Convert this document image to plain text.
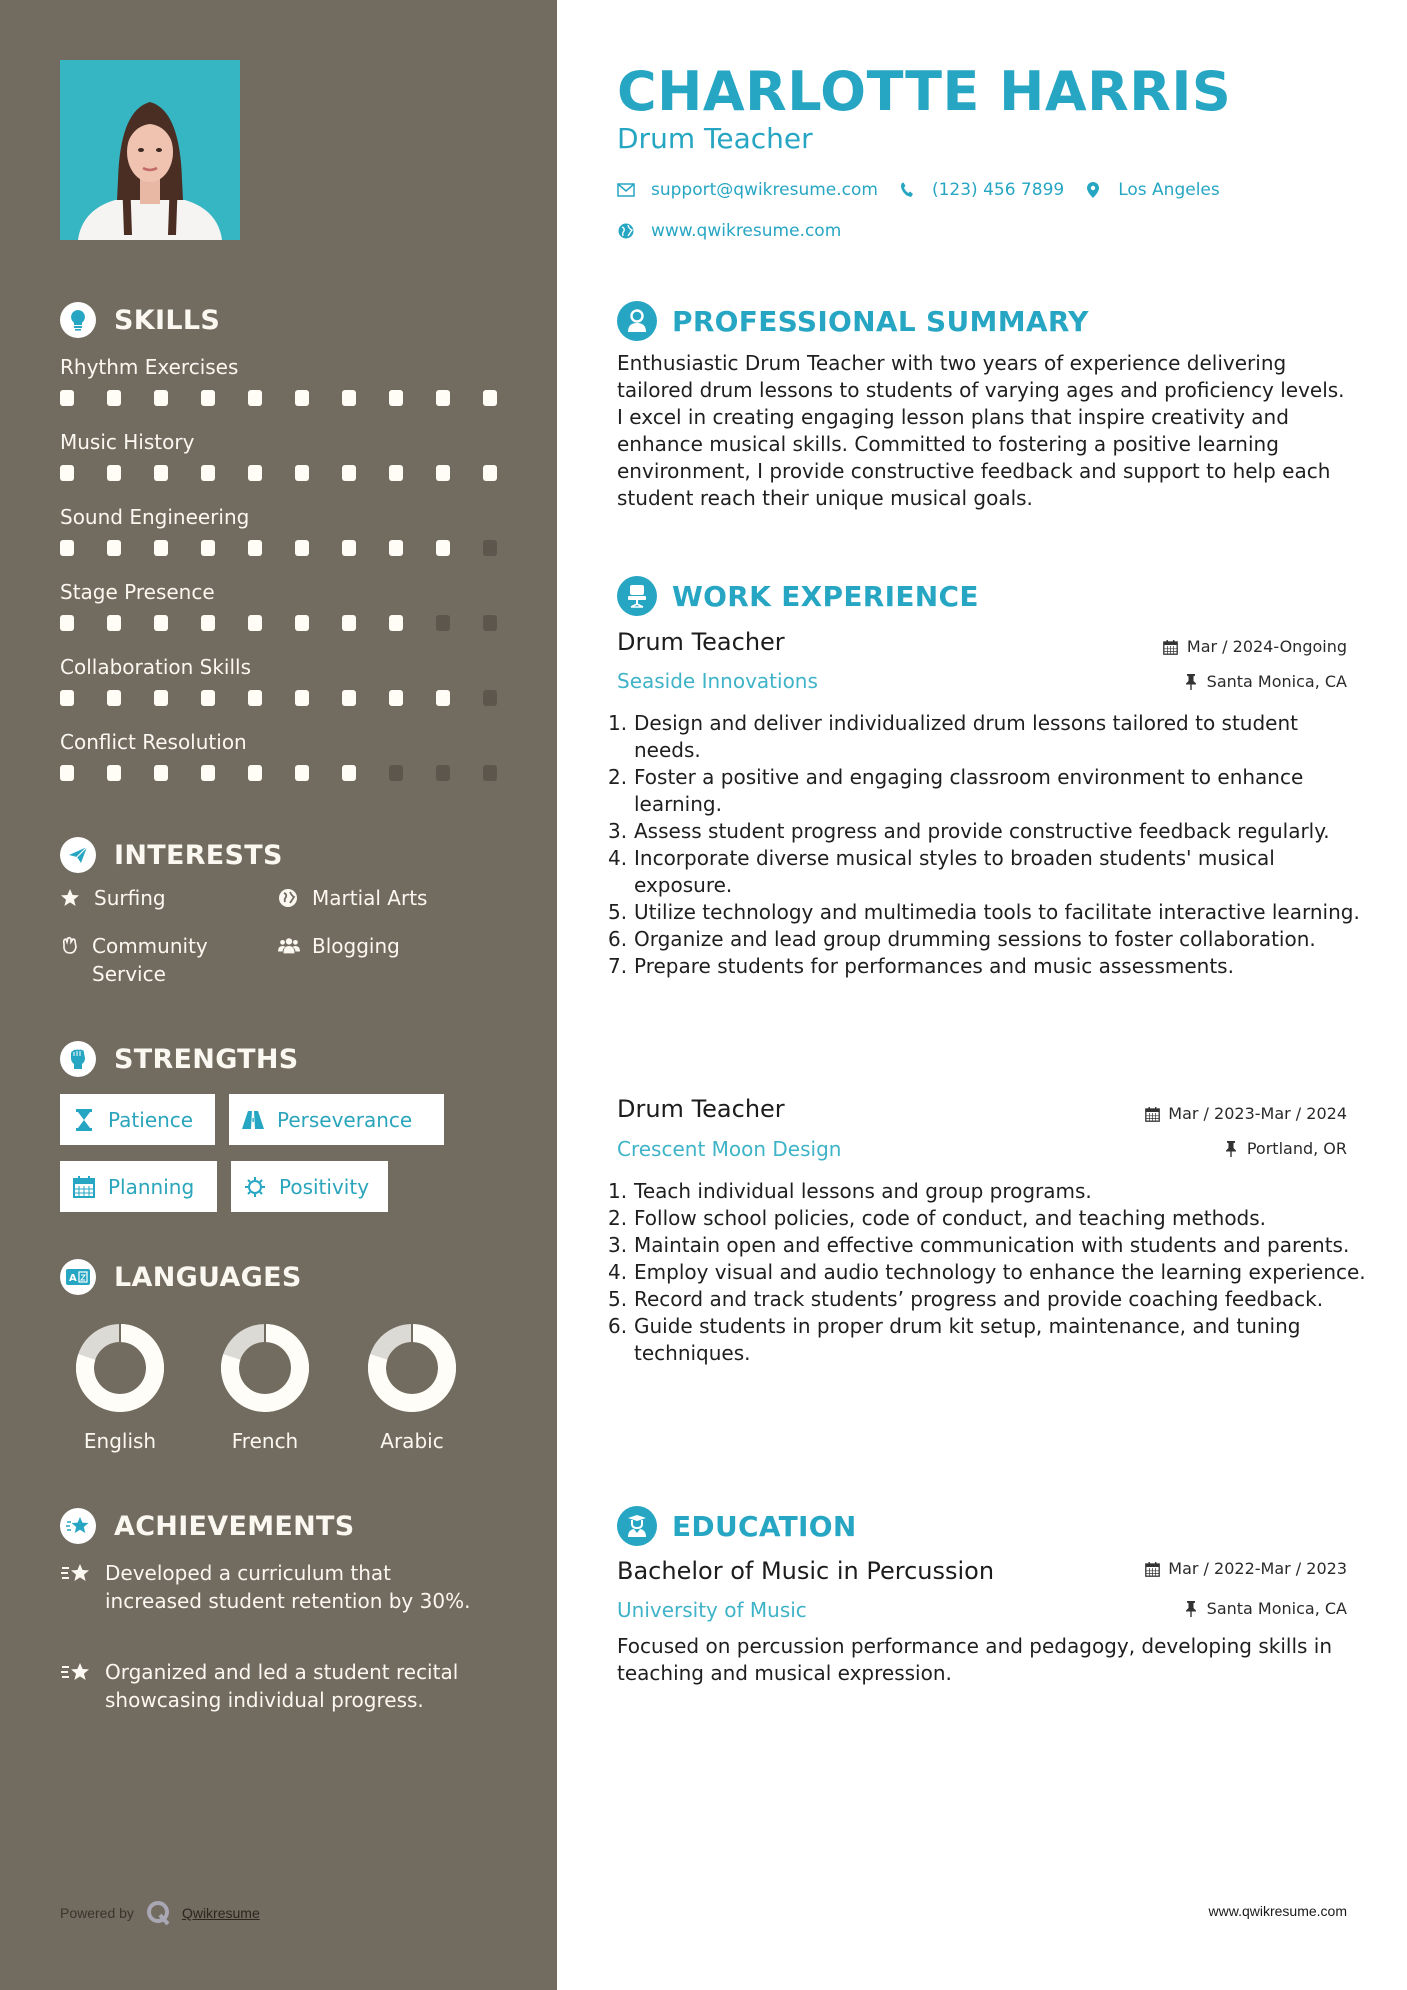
SKILLS
Rhythm Exercises
Music History
Sound Engineering
Stage Presence
Collaboration Skills
Conflict Resolution
INTERESTS
Surfing	Martial Arts
Community Service
Blogging
STRENGTHS
Patience	Perseverance
Planning	Positivity
A LANGUAGES
English	French	Arabic
ACHIEVEMENTS
Developed a curriculum that increased student retention by 30%.
Organized and led a student recital showcasing individual progress.
Powered by	Qwikresume
CHARLOTTE HARRIS
Drum Teacher
support@qwikresume.com	(123) 456 7899	Los Angeles
www.qwikresume.com
PROFESSIONAL SUMMARY

Enthusiastic Drum Teacher with two years of experience delivering tailored drum lessons to students of varying ages and proficiency levels. I excel in creating engaging lesson plans that inspire creativity and enhance musical skills. Committed to fostering a positive learning environment, I provide constructive feedback and support to help each student reach their unique musical goals.

WORK EXPERIENCE
Drum Teacher	Mar / 2024-Ongoing
Seaside Innovations	Santa Monica, CA
1. Design and deliver individualized drum lessons tailored to student needs.
2. Foster a positive and engaging classroom environment to enhance learning.
3. Assess student progress and provide constructive feedback regularly.
4. Incorporate diverse musical styles to broaden students' musical exposure.
5. Utilize technology and multimedia tools to facilitate interactive learning.
6. Organize and lead group drumming sessions to foster collaboration.
7. Prepare students for performances and music assessments.
Drum Teacher	Mar / 2023-Mar / 2024
Crescent Moon Design	Portland, OR
1. Teach individual lessons and group programs.
2. Follow school policies, code of conduct, and teaching methods.
3. Maintain open and effective communication with students and parents.
4. Employ visual and audio technology to enhance the learning experience.
5. Record and track students’ progress and provide coaching feedback.
6. Guide students in proper drum kit setup, maintenance, and tuning techniques.
EDUCATION
Bachelor of Music in Percussion	Mar / 2022-Mar / 2023
University of Music	Santa Monica, CA

Focused on percussion performance and pedagogy, developing skills in teaching and musical expression.

www.qwikresume.com
